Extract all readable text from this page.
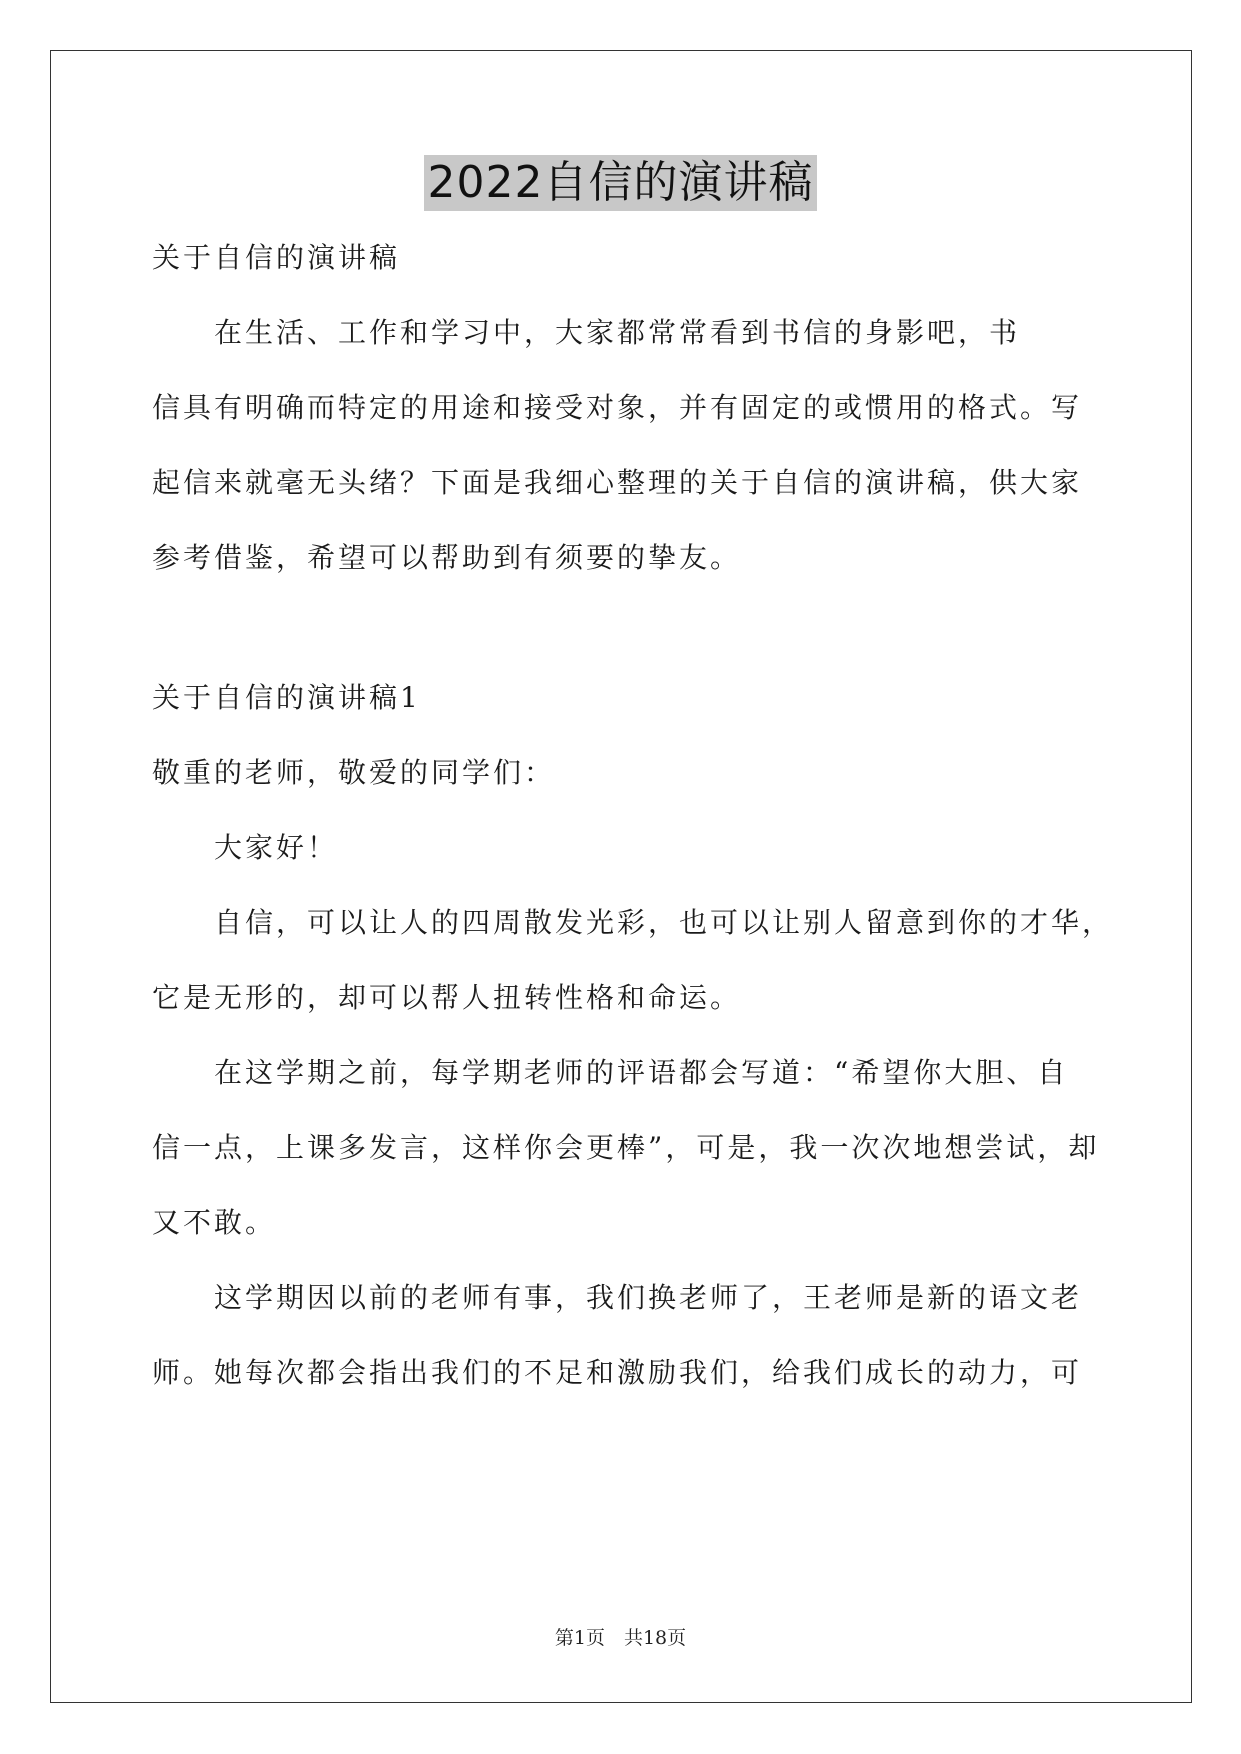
2022自信的演讲稿
关于自信的演讲稿
　　在生活、工作和学习中，大家都常常看到书信的身影吧，书
信具有明确而特定的用途和接受对象，并有固定的或惯用的格式。写
起信来就毫无头绪？下面是我细心整理的关于自信的演讲稿，供大家
参考借鉴，希望可以帮助到有须要的挚友。
关于自信的演讲稿1
敬重的老师，敬爱的同学们：
　　大家好！
　　自信，可以让人的四周散发光彩，也可以让别人留意到你的才华，
它是无形的，却可以帮人扭转性格和命运。
　　在这学期之前，每学期老师的评语都会写道：“希望你大胆、自
信一点，上课多发言，这样你会更棒”，可是，我一次次地想尝试，却
又不敢。
　　这学期因以前的老师有事，我们换老师了，王老师是新的语文老
师。她每次都会指出我们的不足和激励我们，给我们成长的动力，可
第1页　共18页
